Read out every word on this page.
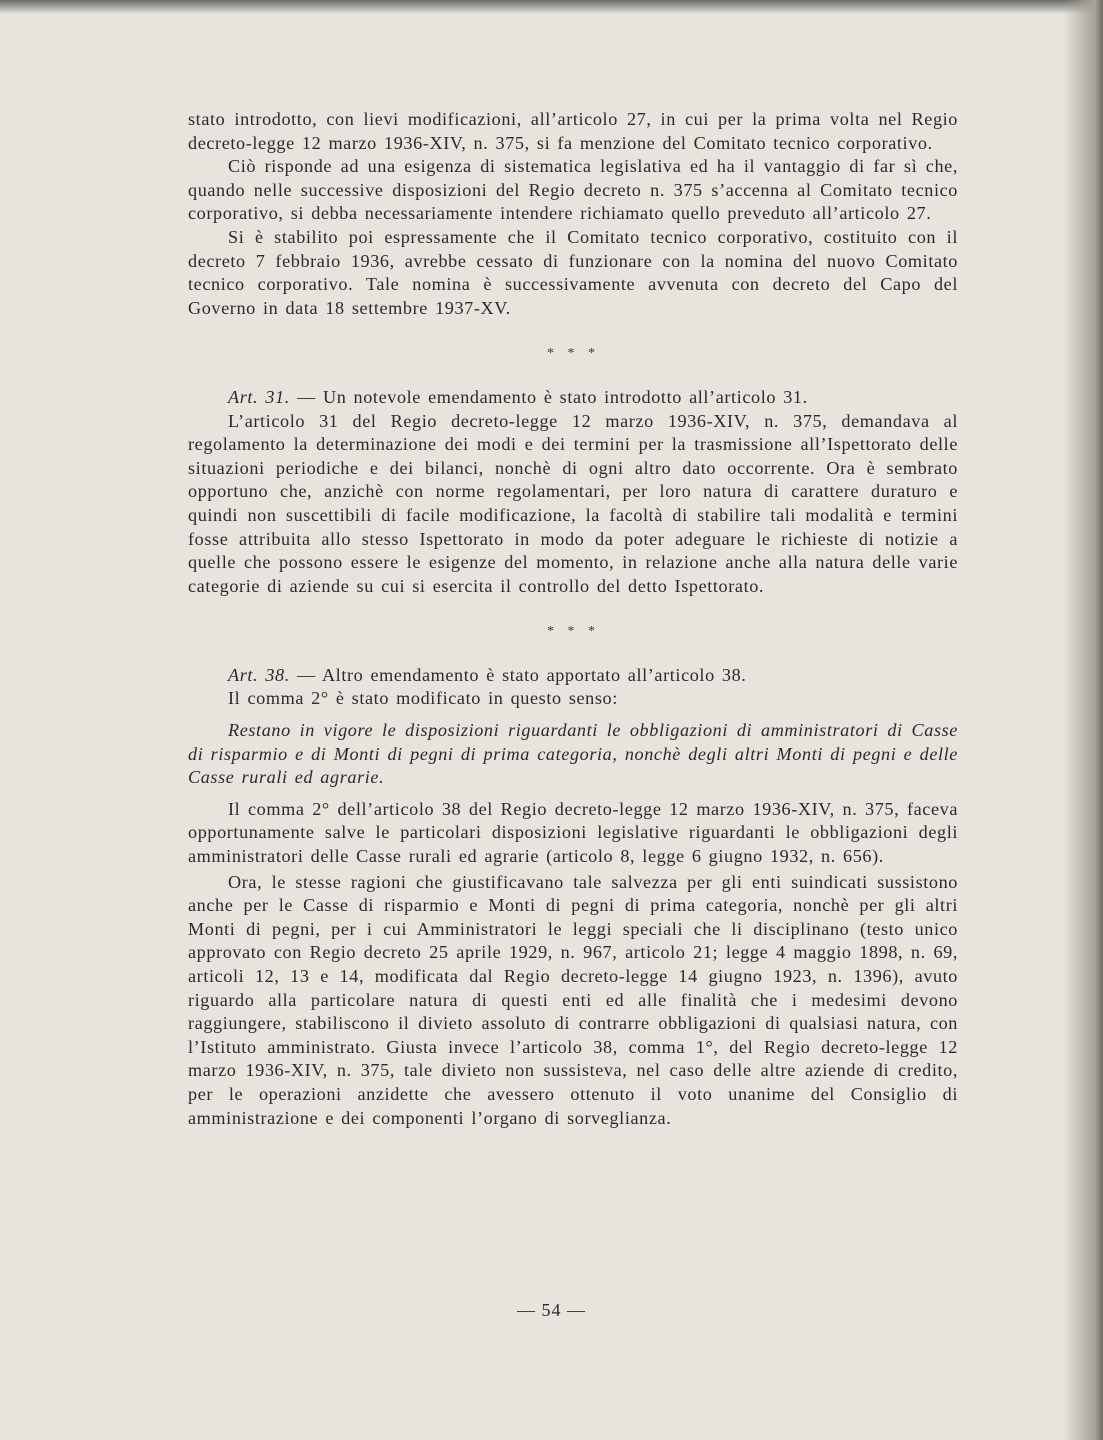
stato introdotto, con lievi modificazioni, all’articolo 27, in cui per la prima volta nel Regio decreto-legge 12 marzo 1936-XIV, n. 375, si fa menzione del Comitato tecnico corporativo.

Ciò risponde ad una esigenza di sistematica legislativa ed ha il vantaggio di far sì che, quando nelle successive disposizioni del Regio decreto n. 375 s’accenna al Comitato tecnico corporativo, si debba necessariamente intendere richiamato quello preveduto all’articolo 27.

Si è stabilito poi espressamente che il Comitato tecnico corporativo, costituito con il decreto 7 febbraio 1936, avrebbe cessato di funzionare con la nomina del nuovo Comitato tecnico corporativo. Tale nomina è successivamente avvenuta con decreto del Capo del Governo in data 18 settembre 1937-XV.

* * *

Art. 31. — Un notevole emendamento è stato introdotto all’articolo 31.

L’articolo 31 del Regio decreto-legge 12 marzo 1936-XIV, n. 375, demandava al regolamento la determinazione dei modi e dei termini per la trasmissione all’Ispettorato delle situazioni periodiche e dei bilanci, nonchè di ogni altro dato occorrente. Ora è sembrato opportuno che, anzichè con norme regolamentari, per loro natura di carattere duraturo e quindi non suscettibili di facile modificazione, la facoltà di stabilire tali modalità e termini fosse attribuita allo stesso Ispettorato in modo da poter adeguare le richieste di notizie a quelle che possono essere le esigenze del momento, in relazione anche alla natura delle varie categorie di aziende su cui si esercita il controllo del detto Ispettorato.

* * *

Art. 38. — Altro emendamento è stato apportato all’articolo 38.

Il comma 2° è stato modificato in questo senso:

Restano in vigore le disposizioni riguardanti le obbligazioni di amministratori di Casse di risparmio e di Monti di pegni di prima categoria, nonchè degli altri Monti di pegni e delle Casse rurali ed agrarie.

Il comma 2° dell’articolo 38 del Regio decreto-legge 12 marzo 1936-XIV, n. 375, faceva opportunamente salve le particolari disposizioni legislative riguardanti le obbligazioni degli amministratori delle Casse rurali ed agrarie (articolo 8, legge 6 giugno 1932, n. 656).

Ora, le stesse ragioni che giustificavano tale salvezza per gli enti suindicati sussistono anche per le Casse di risparmio e Monti di pegni di prima categoria, nonchè per gli altri Monti di pegni, per i cui Amministratori le leggi speciali che li disciplinano (testo unico approvato con Regio decreto 25 aprile 1929, n. 967, articolo 21; legge 4 maggio 1898, n. 69, articoli 12, 13 e 14, modificata dal Regio decreto-legge 14 giugno 1923, n. 1396), avuto riguardo alla particolare natura di questi enti ed alle finalità che i medesimi devono raggiungere, stabiliscono il divieto assoluto di contrarre obbligazioni di qualsiasi natura, con l’Istituto amministrato. Giusta invece l’articolo 38, comma 1°, del Regio decreto-legge 12 marzo 1936-XIV, n. 375, tale divieto non sussisteva, nel caso delle altre aziende di credito, per le operazioni anzidette che avessero ottenuto il voto unanime del Consiglio di amministrazione e dei componenti l’organo di sorveglianza.

— 54 —
